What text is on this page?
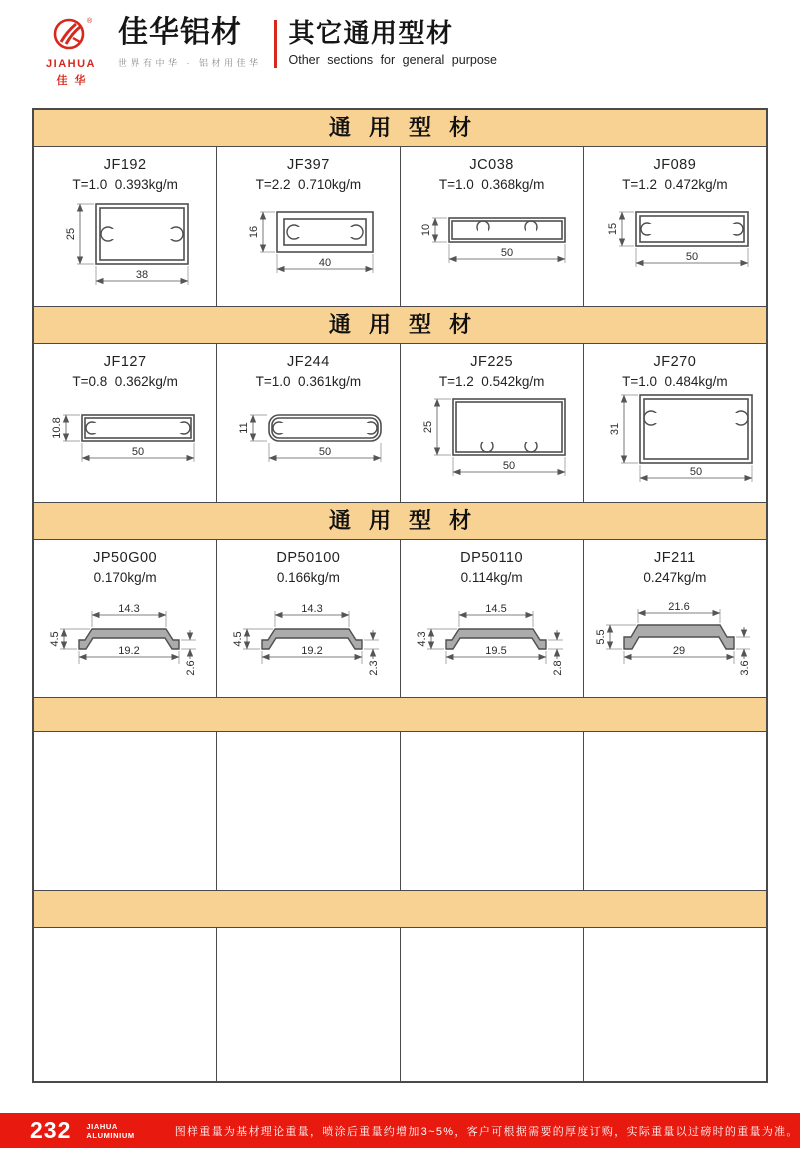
®
JIAHUA
佳华
佳华铝材
世界有中华 · 铝材用佳华
其它通用型材
Other sections for general purpose
通 用 型 材
JF192
T=1.0  0.393kg/m
25
38
JF397
T=2.2  0.710kg/m
16
40
JC038
T=1.0  0.368kg/m
10
50
JF089
T=1.2  0.472kg/m
15
50
通 用 型 材
JF127
T=0.8  0.362kg/m
10.8
50
JF244
T=1.0  0.361kg/m
11
50
JF225
T=1.2  0.542kg/m
25
50
JF270
T=1.0  0.484kg/m
31
50
通 用 型 材
JP50G00
0.170kg/m
14.3
4.5
19.2
2.6
DP50100
0.166kg/m
14.3
4.5
19.2
2.3
DP50110
0.114kg/m
14.5
4.3
19.5
2.8
JF211
0.247kg/m
21.6
5.5
29
3.6
232 JIAHUA
ALUMINIUM	图样重量为基材理论重量，喷涂后重量约增加3~5%，客户可根据需要的厚度订购，实际重量以过磅时的重量为准。
